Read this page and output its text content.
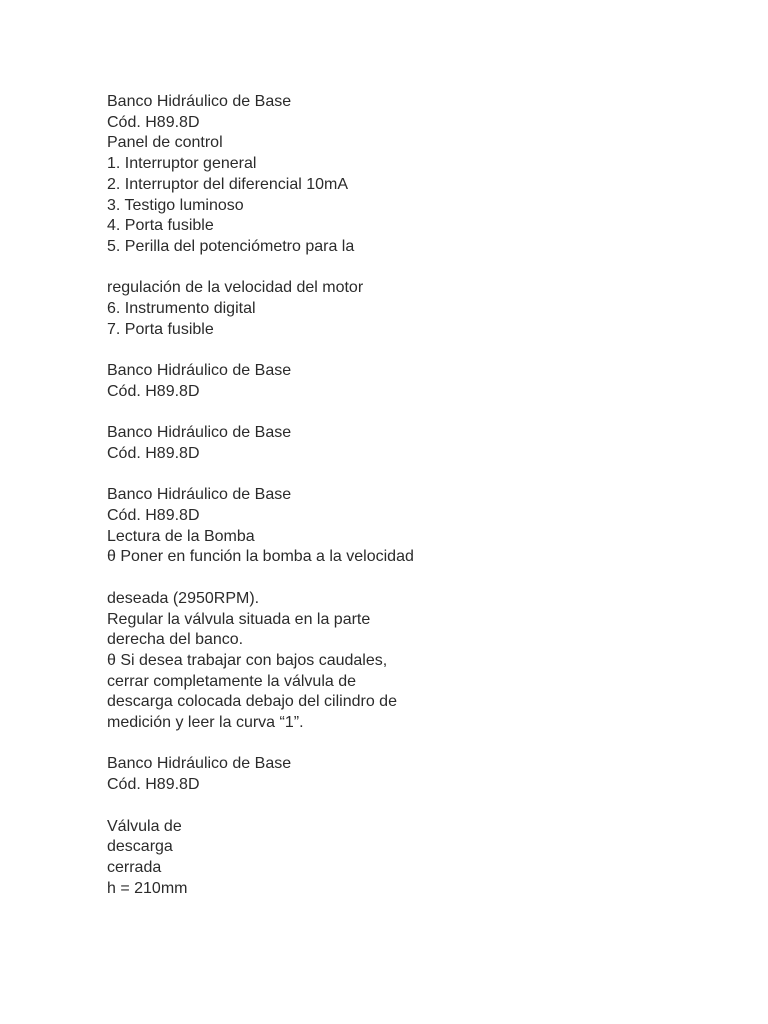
Banco Hidráulico de Base
Cód. H89.8D
Panel de control
1. Interruptor general
2. Interruptor del diferencial 10mA
3. Testigo luminoso
4. Porta fusible
5. Perilla del potenciómetro para la
regulación de la velocidad del motor
6. Instrumento digital
7. Porta fusible
Banco Hidráulico de Base
Cód. H89.8D
Banco Hidráulico de Base
Cód. H89.8D
Banco Hidráulico de Base
Cód. H89.8D
Lectura de la Bomba
θ Poner en función la bomba a la velocidad
deseada (2950RPM).
Regular la válvula situada en la parte
derecha del banco.
θ Si desea trabajar con bajos caudales,
cerrar completamente la válvula de
descarga colocada debajo del cilindro de
medición y leer la curva “1”.
Banco Hidráulico de Base
Cód. H89.8D
Válvula de
descarga
cerrada
h = 210mm
